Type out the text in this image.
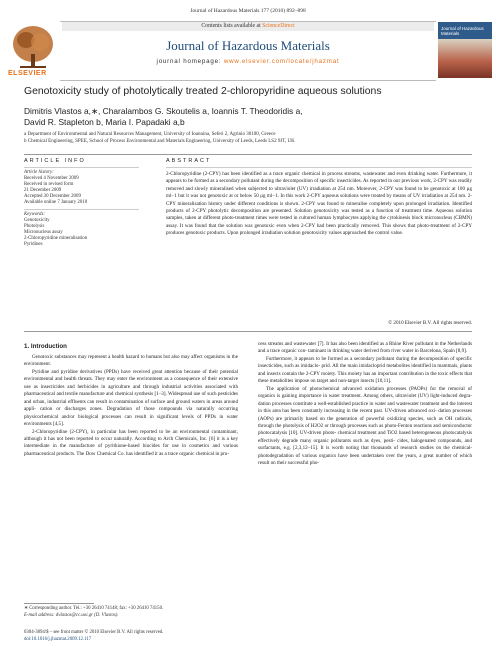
Journal of Hazardous Materials 177 (2010) 892–898
ELSEVIER
Contents lists available at ScienceDirect
Journal of Hazardous Materials
journal homepage: www.elsevier.com/locate/jhazmat
Journal of Hazardous Materials
Genotoxicity study of photolytically treated 2-chloropyridine aqueous solutions
Dimitris Vlastos a,∗, Charalambos G. Skoutelis a, Ioannis T. Theodoridis a,
David R. Stapleton b, Maria I. Papadaki a,b
a Department of Environmental and Natural Resources Management, University of Ioannina, Seferi 2, Agrinio 30100, Greece
b Chemical Engineering, SPEE, School of Process Environmental and Materials Engineering, University of Leeds, Leeds LS2 9JT, UK
ARTICLE INFO
Article history:
Received 4 November 2009
Received in revised form
21 December 2009
Accepted 30 December 2009
Available online 7 January 2010
Keywords:
Genotoxicity
Photolysis
Micronucleus assay
2-Chloropyridine mineralisation
Pyridines
ABSTRACT
2-Chloropyridine (2-CPY) has been identified as a trace organic chemical in process streams, wastewater and even drinking water. Furthermore, it appears to be formed as a secondary pollutant during the decomposition of specific insecticides. As reported in our previous work, 2-CPY was readily removed and slowly mineralised when subjected to ultraviolet (UV) irradiation at 254 nm. Moreover, 2-CPY was found to be genotoxic at 100 μg ml−1 but it was not genotoxic at or below 50 μg ml−1. In this work 2-CPY aqueous solutions were treated by means of UV irradiation at 254 nm. 2-CPY mineralisation history under different conditions is shown. 2-CPY was found to mineralise completely upon prolonged irradiation. Identified products of 2-CPY photolytic decomposition are presented. Solution genotoxicity was tested as a function of treatment time. Aqueous solution samples, taken at different photo-treatment times were tested in cultured human lymphocytes applying the cytokinesis block micronucleus (CBMN) assay. It was found that the solution was genotoxic even when 2-CPY had been practically removed. This shows that photo-treatment of 2-CPY produces genotoxic products. Upon prolonged irradiation solution genotoxicity values approached the control value.
© 2010 Elsevier B.V. All rights reserved.
1. Introduction

Genotoxic substances may represent a health hazard to humans but also may affect organisms in the environment.

Pyridine and pyridine derivatives (PPDs) have received great attention because of their potential environmental and health threats. They may enter the environment as a consequence of their extensive use as insecticides and herbicides in agriculture and through industrial activities associated with pharmaceutical and textile manufacture and chemical synthesis [1–3]. Widespread use of such pesticides and urban, industrial effluents can result in contamination of surface and ground waters in areas around appli- cation or discharges zones. Degradation of those compounds via naturally occurring physicochemical and/or biological processes can result in significant levels of PPDs in water environments [4,5].

2-Chloropyridine (2-CPY), in particular has been reported to be an environmental contaminant, although it has not been reported to occur naturally. According to Arch Chemicals, Inc. [6] it is a key intermediate in the manufacture of pyrithione-based biocides for use in cosmetics and various pharmaceutical products. The Dow Chemical Co. has identified it as a trace organic chemical in pro-

cess streams and wastewater [7]. It has also been identified as a Rhine River pollutant in the Netherlands and a trace organic con- taminant in drinking water derived from river water in Barcelona, Spain [8,9].

Furthermore, it appears to be formed as a secondary pollutant during the decomposition of specific insecticides, such as imidaclo- prid. All the main imidacloprid metabolites identified in mammals, plants and insects contain the 2-CPY moiety. This moiety has an important contribution in the toxic effects that these metabolites impose on target and non-target insects [10,11].

The application of photochemical advanced oxidation processes (PAOPs) for the removal of organics is gaining importance in water treatment. Among others, ultraviolet (UV) light-induced degra- dation processes constitute a well-established practice in water and wastewater treatment and the interest in this area has been constantly increasing in the recent past. UV-driven advanced oxi- dation processes (AOPs) are primarily based on the generation of powerful oxidizing species, such as OH radicals, through the photolysis of H2O2 or through processes such as photo-Fenton reactions and semiconductor photocatalysis [10]. UV-driven photo- chemical treatment and TiO2 based heterogeneous photocatalysis effectively degrade many organic pollutants such as dyes, pesti- cides, halogenated compounds, and surfactants, e.g. [2,3,12–15]. It is worth noting that thousands of research studies on the chemical- photodegradation of various organics have been undertaken over the years, a great number of which result on their successful pho-

∗ Corresponding author. Tel.: +30 26410 74148; fax: +30 26410 74150.
E-mail address: dvlastos@cc.uoi.gr (D. Vlastos).
0304-3894/$ – see front matter © 2010 Elsevier B.V. All rights reserved.
doi:10.1016/j.jhazmat.2009.12.117
